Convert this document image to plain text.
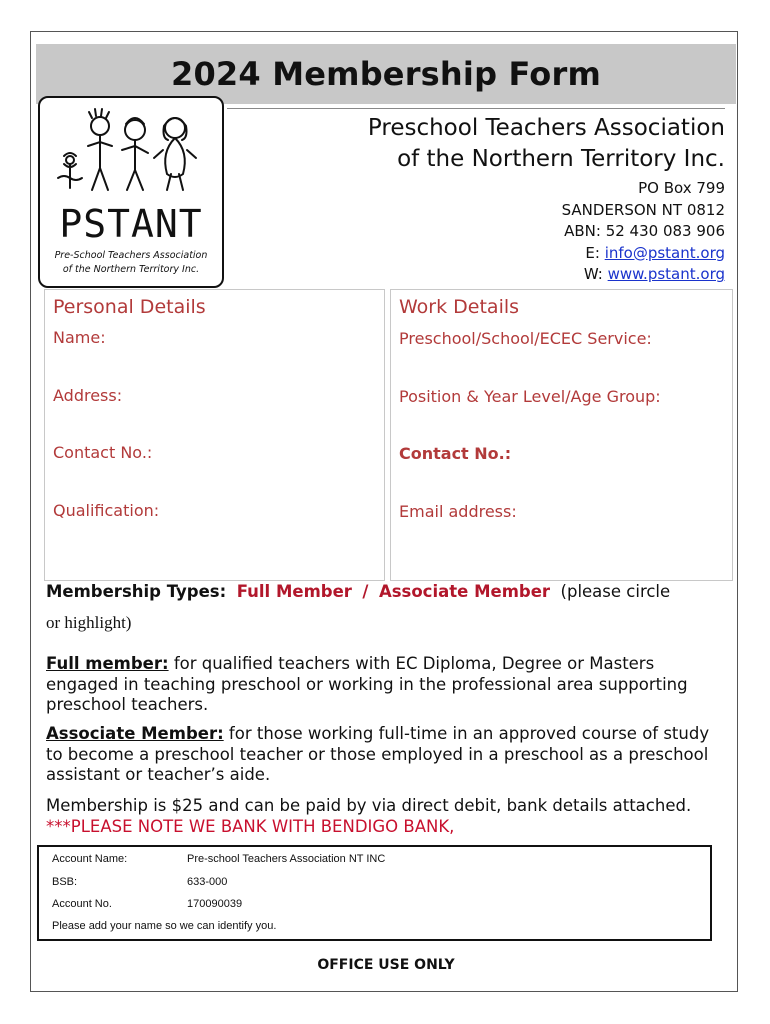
2024 Membership Form
PSTANT
Pre-School Teachers Association
of the Northern Territory Inc.
Preschool Teachers Association
of the Northern Territory Inc.
PO Box 799
SANDERSON NT 0812
ABN: 52 430 083 906
E: info@pstant.org
W: www.pstant.org
Personal Details
Name:
Address:
Contact No.:
Qualification:
Work Details
Preschool/School/ECEC Service:
Position & Year Level/Age Group:
Contact No.:
Email address:
Membership Types: Full Member / Associate Member (please circle
or highlight)
Full member: for qualified teachers with EC Diploma, Degree or Masters engaged in teaching preschool or working in the professional area supporting preschool teachers.
Associate Member: for those working full-time in an approved course of study to become a preschool teacher or those employed in a preschool as a preschool assistant or teacher’s aide.
Membership is $25 and can be paid by via direct debit, bank details attached. ***PLEASE NOTE WE BANK WITH BENDIGO BANK,
Account Name:	Pre-school Teachers Association NT INC
BSB:	633-000
Account No.	170090039
Please add your name so we can identify you.
OFFICE USE ONLY
